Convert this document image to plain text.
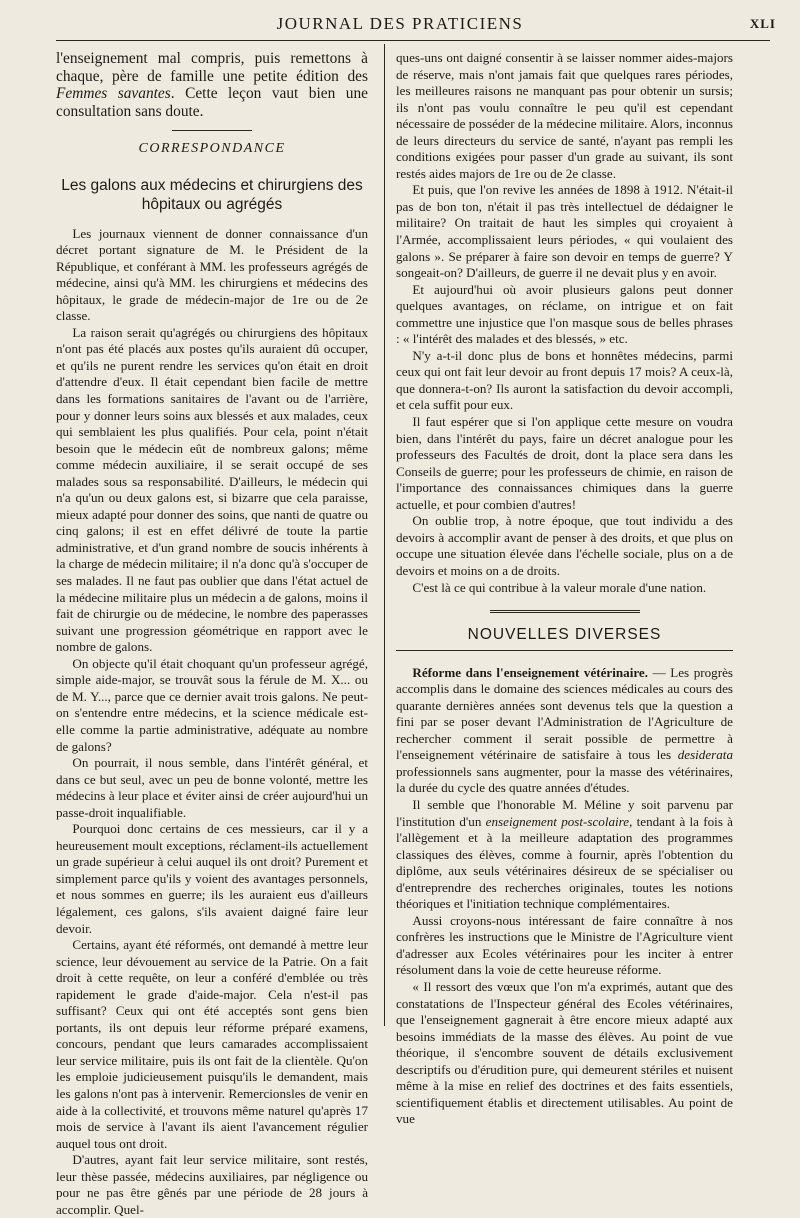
JOURNAL DES PRATICIENS	XLI

l'enseignement mal compris, puis remettons à chaque, père de famille une petite édition des Femmes savantes. Cette leçon vaut bien une consultation sans doute.

CORRESPONDANCE
Les galons aux médecins et chirurgiens des hôpitaux ou agrégés

Les journaux viennent de donner connaissance d'un décret portant signature de M. le Président de la République, et conférant à MM. les professeurs agrégés de médecine, ainsi qu'à MM. les chirurgiens et médecins des hôpitaux, le grade de médecin-major de 1re ou de 2e classe.

La raison serait qu'agrégés ou chirurgiens des hôpitaux n'ont pas été placés aux postes qu'ils auraient dû occuper, et qu'ils ne purent rendre les services qu'on était en droit d'attendre d'eux. Il était cependant bien facile de mettre dans les formations sanitaires de l'avant ou de l'arrière, pour y donner leurs soins aux blessés et aux malades, ceux qui semblaient les plus qualifiés. Pour cela, point n'était besoin que le médecin eût de nombreux galons; même comme médecin auxiliaire, il se serait occupé de ses malades sous sa responsabilité. D'ailleurs, le médecin qui n'a qu'un ou deux galons est, si bizarre que cela paraisse, mieux adapté pour donner des soins, que nanti de quatre ou cinq galons; il est en effet délivré de toute la partie administrative, et d'un grand nombre de soucis inhérents à la charge de médecin militaire; il n'a donc qu'à s'occuper de ses malades. Il ne faut pas oublier que dans l'état actuel de la médecine militaire plus un médecin a de galons, moins il fait de chirurgie ou de médecine, le nombre des paperasses suivant une progression géométrique en rapport avec le nombre de galons.

On objecte qu'il était choquant qu'un professeur agrégé, simple aide-major, se trouvât sous la férule de M. X... ou de M. Y..., parce que ce dernier avait trois galons. Ne peut-on s'entendre entre médecins, et la science médicale est-elle comme la partie administrative, adéquate au nombre de galons?

On pourrait, il nous semble, dans l'intérêt général, et dans ce but seul, avec un peu de bonne volonté, mettre les médecins à leur place et éviter ainsi de créer aujourd'hui un passe-droit inqualifiable.

Pourquoi donc certains de ces messieurs, car il y a heureusement moult exceptions, réclament-ils actuellement un grade supérieur à celui auquel ils ont droit? Purement et simplement parce qu'ils y voient des avantages personnels, et nous sommes en guerre; ils les auraient eus d'ailleurs légalement, ces galons, s'ils avaient daigné faire leur devoir.

Certains, ayant été réformés, ont demandé à mettre leur science, leur dévouement au service de la Patrie. On a fait droit à cette requête, on leur a conféré d'emblée ou très rapidement le grade d'aide-major. Cela n'est-il pas suffisant? Ceux qui ont été acceptés sont gens bien portants, ils ont depuis leur réforme préparé examens, concours, pendant que leurs camarades accomplissaient leur service militaire, puis ils ont fait de la clientèle. Qu'on les emploie judicieusement puisqu'ils le demandent, mais les galons n'ont pas à intervenir. Remercionsles de venir en aide à la collectivité, et trouvons même naturel qu'après 17 mois de service à l'avant ils aient l'avancement régulier auquel tous ont droit.

D'autres, ayant fait leur service militaire, sont restés, leur thèse passée, médecins auxiliaires, par négligence ou pour ne pas être gênés par une période de 28 jours à accomplir. Quel-

ques-uns ont daigné consentir à se laisser nommer aides-majors de réserve, mais n'ont jamais fait que quelques rares périodes, les meilleures raisons ne manquant pas pour obtenir un sursis; ils n'ont pas voulu connaître le peu qu'il est cependant nécessaire de posséder de la médecine militaire. Alors, inconnus de leurs directeurs du service de santé, n'ayant pas rempli les conditions exigées pour passer d'un grade au suivant, ils sont restés aides majors de 1re ou de 2e classe.

Et puis, que l'on revive les années de 1898 à 1912. N'était-il pas de bon ton, n'était il pas très intellectuel de dédaigner le militaire? On traitait de haut les simples qui croyaient à l'Armée, accomplissaient leurs périodes, « qui voulaient des galons ». Se préparer à faire son devoir en temps de guerre? Y songeait-on? D'ailleurs, de guerre il ne devait plus y en avoir.

Et aujourd'hui où avoir plusieurs galons peut donner quelques avantages, on réclame, on intrigue et on fait commettre une injustice que l'on masque sous de belles phrases : « l'intérêt des malades et des blessés, » etc.

N'y a-t-il donc plus de bons et honnêtes médecins, parmi ceux qui ont fait leur devoir au front depuis 17 mois? A ceux-là, que donnera-t-on? Ils auront la satisfaction du devoir accompli, et cela suffit pour eux.

Il faut espérer que si l'on applique cette mesure on voudra bien, dans l'intérêt du pays, faire un décret analogue pour les professeurs des Facultés de droit, dont la place sera dans les Conseils de guerre; pour les professeurs de chimie, en raison de l'importance des connaissances chimiques dans la guerre actuelle, et pour combien d'autres!

On oublie trop, à notre époque, que tout individu a des devoirs à accomplir avant de penser à des droits, et que plus on occupe une situation élevée dans l'échelle sociale, plus on a de devoirs et moins on a de droits.

C'est là ce qui contribue à la valeur morale d'une nation.

NOUVELLES DIVERSES

Réforme dans l'enseignement vétérinaire. — Les progrès accomplis dans le domaine des sciences médicales au cours des quarante dernières années sont devenus tels que la question a fini par se poser devant l'Administration de l'Agriculture de rechercher comment il serait possible de permettre à l'enseignement vétérinaire de satisfaire à tous les desiderata professionnels sans augmenter, pour la masse des vétérinaires, la durée du cycle des quatre années d'études.

Il semble que l'honorable M. Méline y soit parvenu par l'institution d'un enseignement post-scolaire, tendant à la fois à l'allègement et à la meilleure adaptation des programmes classiques des élèves, comme à fournir, après l'obtention du diplôme, aux seuls vétérinaires désireux de se spécialiser ou d'entreprendre des recherches originales, toutes les notions théoriques et l'initiation technique complémentaires.

Aussi croyons-nous intéressant de faire connaître à nos confrères les instructions que le Ministre de l'Agriculture vient d'adresser aux Ecoles vétérinaires pour les inciter à entrer résolument dans la voie de cette heureuse réforme.

« Il ressort des vœux que l'on m'a exprimés, autant que des constatations de l'Inspecteur général des Ecoles vétérinaires, que l'enseignement gagnerait à être encore mieux adapté aux besoins immédiats de la masse des élèves. Au point de vue théorique, il s'encombre souvent de détails exclusivement descriptifs ou d'érudition pure, qui demeurent stériles et nuisent même à la mise en relief des doctrines et des faits essentiels, scientifiquement établis et directement utilisables. Au point de vue
